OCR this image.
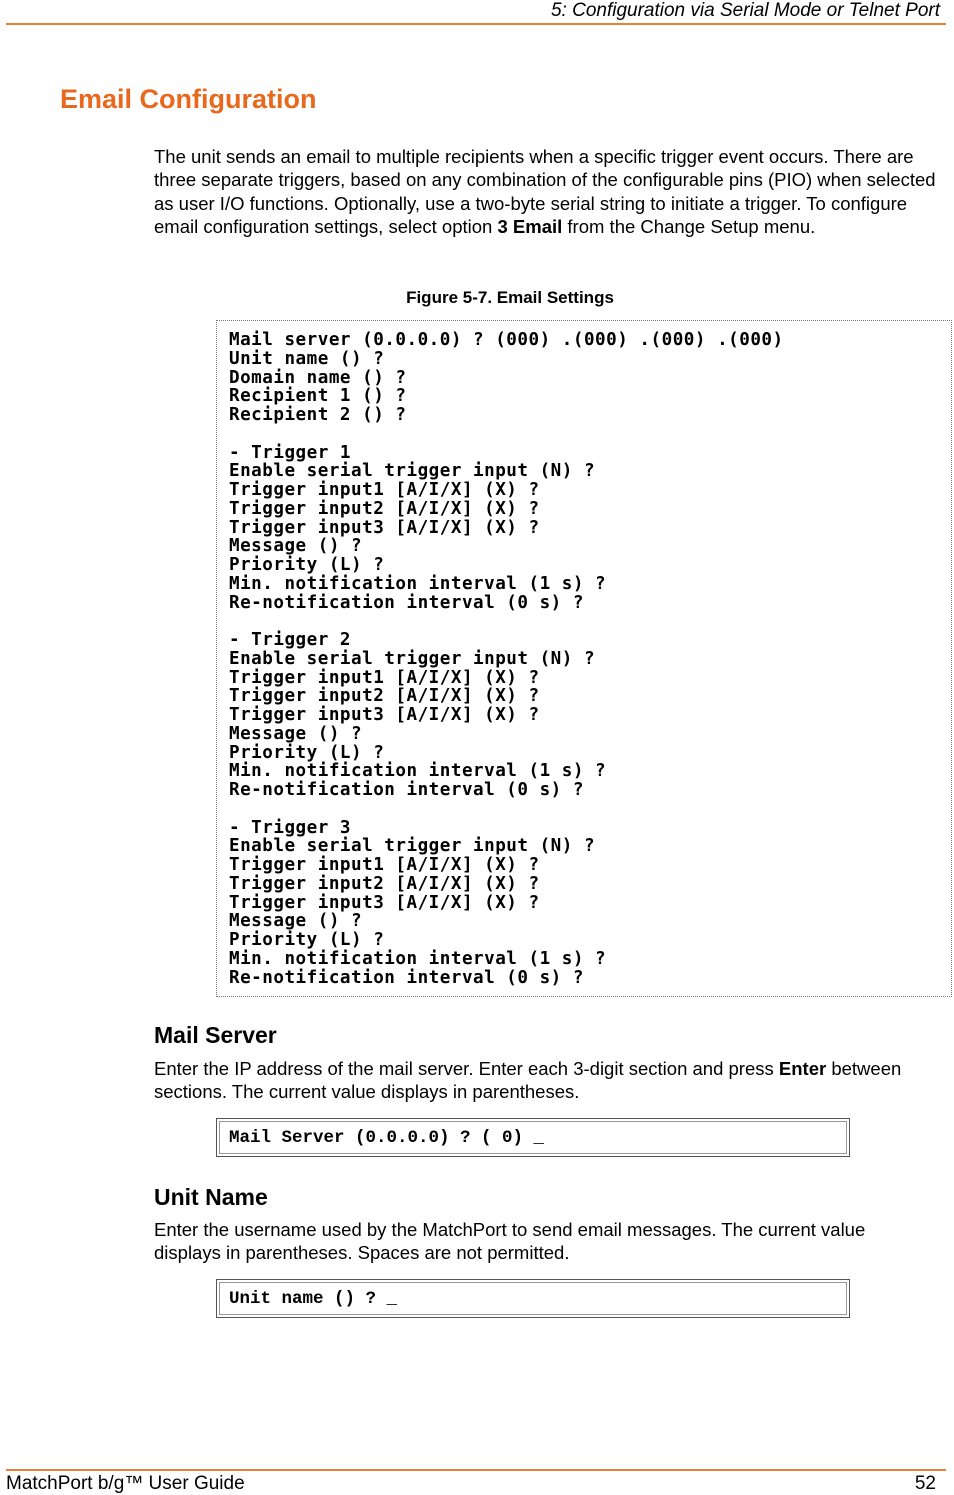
5: Configuration via Serial Mode or Telnet Port
Email Configuration

The unit sends an email to multiple recipients when a specific trigger event occurs. There are three separate triggers, based on any combination of the configurable pins (PIO) when selected as user I/O functions. Optionally, use a two-byte serial string to initiate a trigger. To configure email configuration settings, select option 3 Email from the Change Setup menu.

Figure 5-7. Email Settings
Mail server (0.0.0.0) ? (000) .(000) .(000) .(000)
Unit name () ?
Domain name () ?
Recipient 1 () ?
Recipient 2 () ?

- Trigger 1
Enable serial trigger input (N) ?
Trigger input1 [A/I/X] (X) ?
Trigger input2 [A/I/X] (X) ?
Trigger input3 [A/I/X] (X) ?
Message () ?
Priority (L) ?
Min. notification interval (1 s) ?
Re-notification interval (0 s) ?

- Trigger 2
Enable serial trigger input (N) ?
Trigger input1 [A/I/X] (X) ?
Trigger input2 [A/I/X] (X) ?
Trigger input3 [A/I/X] (X) ?
Message () ?
Priority (L) ?
Min. notification interval (1 s) ?
Re-notification interval (0 s) ?

- Trigger 3
Enable serial trigger input (N) ?
Trigger input1 [A/I/X] (X) ?
Trigger input2 [A/I/X] (X) ?
Trigger input3 [A/I/X] (X) ?
Message () ?
Priority (L) ?
Min. notification interval (1 s) ?
Re-notification interval (0 s) ?
Mail Server

Enter the IP address of the mail server. Enter each 3-digit section and press Enter between sections. The current value displays in parentheses.

Mail Server (0.0.0.0) ? ( 0) _
Unit Name

Enter the username used by the MatchPort to send email messages. The current value displays in parentheses. Spaces are not permitted.

Unit name () ? _
MatchPort b/g™ User Guide	52
